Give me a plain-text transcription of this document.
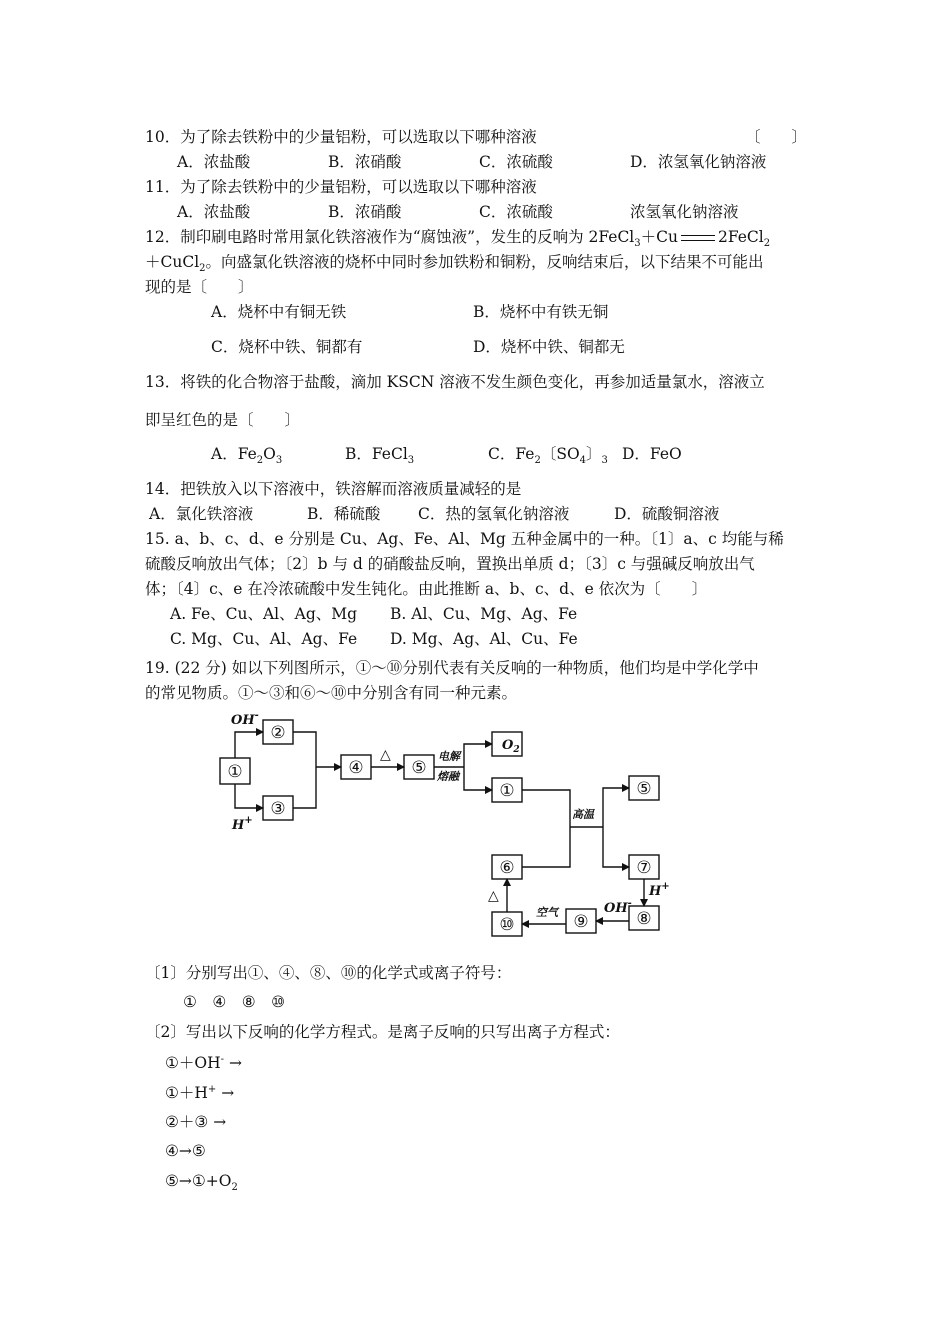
10．为了除去铁粉中的少量铝粉，可以选取以下哪种溶液	〔　　〕
A．浓盐酸	B．浓硝酸	C．浓硫酸	D．浓氢氧化钠溶液
11．为了除去铁粉中的少量铝粉，可以选取以下哪种溶液
A．浓盐酸	B．浓硝酸	C．浓硫酸	浓氢氧化钠溶液
12．制印刷电路时常用氯化铁溶液作为“腐蚀液”，发生的反响为 2FeCl$_3$＋Cu	2FeCl$_2$
＋CuCl$_2$。向盛氯化铁溶液的烧杯中同时参加铁粉和铜粉，反响结束后，以下结果不可能出
现的是〔　　〕
A．烧杯中有铜无铁	B．烧杯中有铁无铜
C．烧杯中铁、铜都有	D．烧杯中铁、铜都无
13．将铁的化合物溶于盐酸，滴加 KSCN 溶液不发生颜色变化，再参加适量氯水，溶液立
即呈红色的是〔　　〕
A．$Fe_2O_3$	B．FeCl$_3$	C．$Fe_2$〔$SO_4$〕$_3$ D．FeO
14．把铁放入以下溶液中，铁溶解而溶液质量减轻的是
A．氯化铁溶液	B．稀硫酸 C．热的氢氧化钠溶液	D．硫酸铜溶液
15. a、b、c、d、e 分别是 Cu、Ag、Fe、Al、Mg 五种金属中的一种。〔1〕a、c 均能与稀
硫酸反响放出气体；〔2〕b 与 d 的硝酸盐反响，置换出单质 d；〔3〕c 与强碱反响放出气
体；〔4〕c、e 在冷浓硫酸中发生钝化。由此推断 a、b、c、d、e 依次为〔　　〕
A. Fe、Cu、Al、Ag、Mg B. Al、Cu、Mg、Ag、Fe
C. Mg、Cu、Al、Ag、Fe D. Mg、Ag、Al、Cu、Fe
19. (22 分) 如以下列图所示，①～⑩分别代表有关反响的一种物质，他们均是中学化学中
的常见物质。①～③和⑥～⑩中分别含有同一种元素。
①
②
③
④	⑤
①	⑤
⑥	⑦
⑧
⑨
⑩
$O_2$
OH-
H+
OH-
H+
电解
熔融
高温
空气
△
△
〔1〕分别写出①、④、⑧、⑩的化学式或离子符号：
①　④　⑧　⑩
〔2〕写出以下反响的化学方程式。是离子反响的只写出离子方程式：
①＋OH- →
①＋H+ →
②＋③ →
④→⑤
$⑤\to ①+O_2$
